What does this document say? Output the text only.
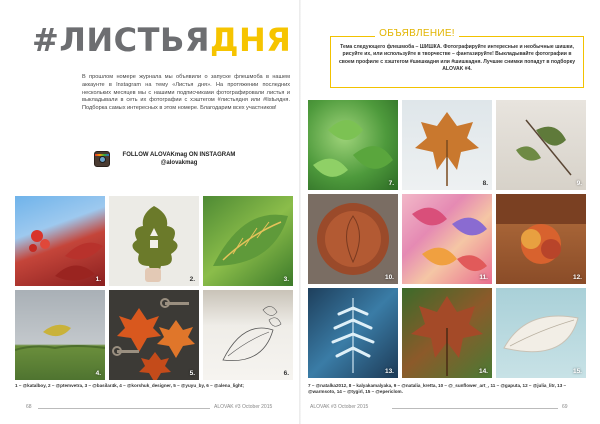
#ЛИСТЬЯДНЯ

В прошлом номере журнала мы объявили о запуске флешмоба в нашем аккаунте в Instagram на тему «Листья дня». На протяжении последних нескольких месяцев мы с нашими подписчиками фотографировали листья и выкладывали в сеть их фотографии с хэштегом #листьядня или #listьядня. Подборка самых интересных в этом номере. Благодарим всех участников!

FOLLOW ALOVAKmag ON INSTAGRAM
@alovakmag
1.	2.	3.
4.	5.	6.

1 – @katalboy, 2 – @ptemvetra, 3 – @basilar4k, 4 – @korshuk_designer, 5 – @yuyu_by, 6 – @alena_light;

ОБЪЯВЛЕНИЕ!

Тема следующего флешмоба – ШИШКА. Фотографируйте интересные и необычные шишки, рисуйте их, или используйте в творчестве – фантазируйте! Выкладывайте фотографии в своем профиле с хэштегом #шишкадня или #шишкадня. Лучшие снимки попадут в подборку ALOVAK #4.

7.	8.	9.
10.	11.	12.
13.	14.	15.

7 – @natalka2012, 8 – kalyakamalyaka, 9 – @natalia_kretta, 10 – @_sunflower_art_, 11 – @gaputa, 12 – @julia_litr, 13 – @warmsoto, 14 – @tygirl, 15 – @epericlom.

68	ALOVAK #3 October 2015	ALOVAK #3 October 2015	69
